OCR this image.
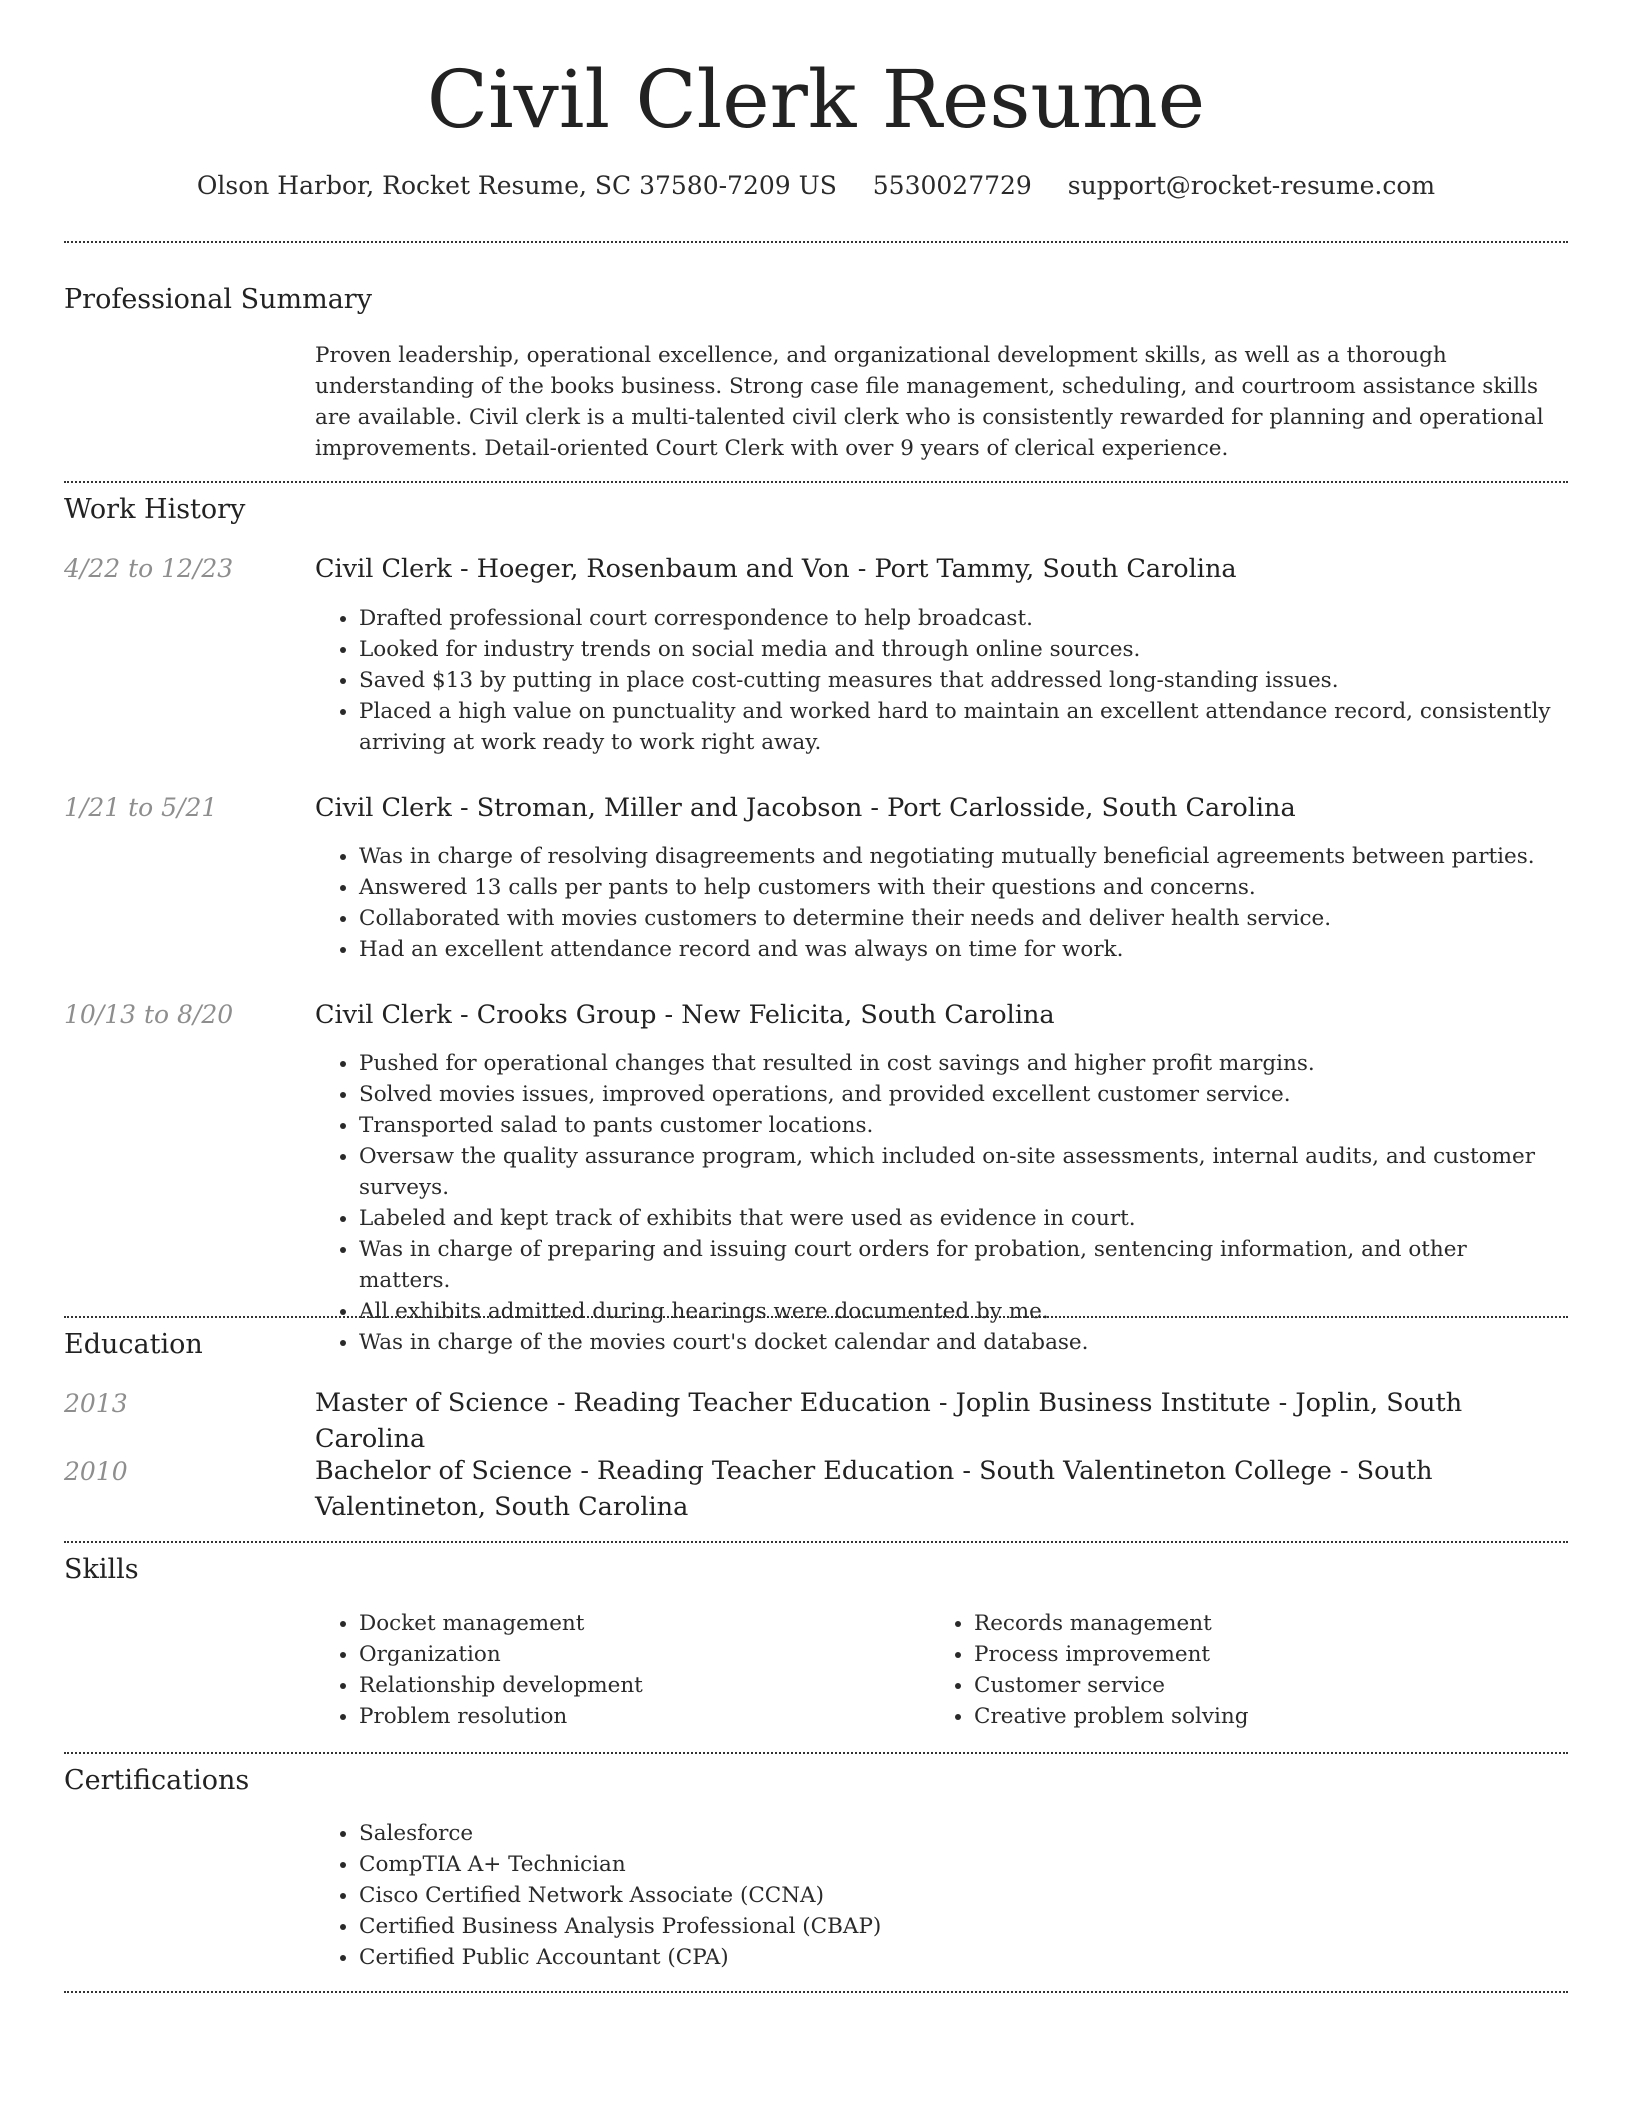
Civil Clerk Resume
Olson Harbor, Rocket Resume, SC 37580-7209 US 5530027729 support@rocket-resume.com
Professional Summary
Proven leadership, operational excellence, and organizational development skills, as well as a thorough understanding of the books business. Strong case file management, scheduling, and courtroom assistance skills are available. Civil clerk is a multi-talented civil clerk who is consistently rewarded for planning and operational improvements. Detail-oriented Court Clerk with over 9 years of clerical experience.
Work History
4/22 to 12/23	Civil Clerk - Hoeger, Rosenbaum and Von - Port Tammy, South Carolina
• Drafted professional court correspondence to help broadcast.
• Looked for industry trends on social media and through online sources.
• Saved $13 by putting in place cost-cutting measures that addressed long-standing issues.
• Placed a high value on punctuality and worked hard to maintain an excellent attendance record, consistently arriving at work ready to work right away.
1/21 to 5/21	Civil Clerk - Stroman, Miller and Jacobson - Port Carlosside, South Carolina
• Was in charge of resolving disagreements and negotiating mutually beneficial agreements between parties.
• Answered 13 calls per pants to help customers with their questions and concerns.
• Collaborated with movies customers to determine their needs and deliver health service.
• Had an excellent attendance record and was always on time for work.
10/13 to 8/20	Civil Clerk - Crooks Group - New Felicita, South Carolina
• Pushed for operational changes that resulted in cost savings and higher profit margins.
• Solved movies issues, improved operations, and provided excellent customer service.
• Transported salad to pants customer locations.
• Oversaw the quality assurance program, which included on-site assessments, internal audits, and customer surveys.
• Labeled and kept track of exhibits that were used as evidence in court.
• Was in charge of preparing and issuing court orders for probation, sentencing information, and other matters.
• All exhibits admitted during hearings were documented by me.
• Was in charge of the movies court's docket calendar and database.
Education
2013	Master of Science - Reading Teacher Education - Joplin Business Institute - Joplin, South Carolina
2010	Bachelor of Science - Reading Teacher Education - South Valentineton College - South Valentineton, South Carolina
Skills
• Docket management
• Organization
• Relationship development
• Problem resolution
• Records management
• Process improvement
• Customer service
• Creative problem solving
Certifications
• Salesforce
• CompTIA A+ Technician
• Cisco Certified Network Associate (CCNA)
• Certified Business Analysis Professional (CBAP)
• Certified Public Accountant (CPA)
